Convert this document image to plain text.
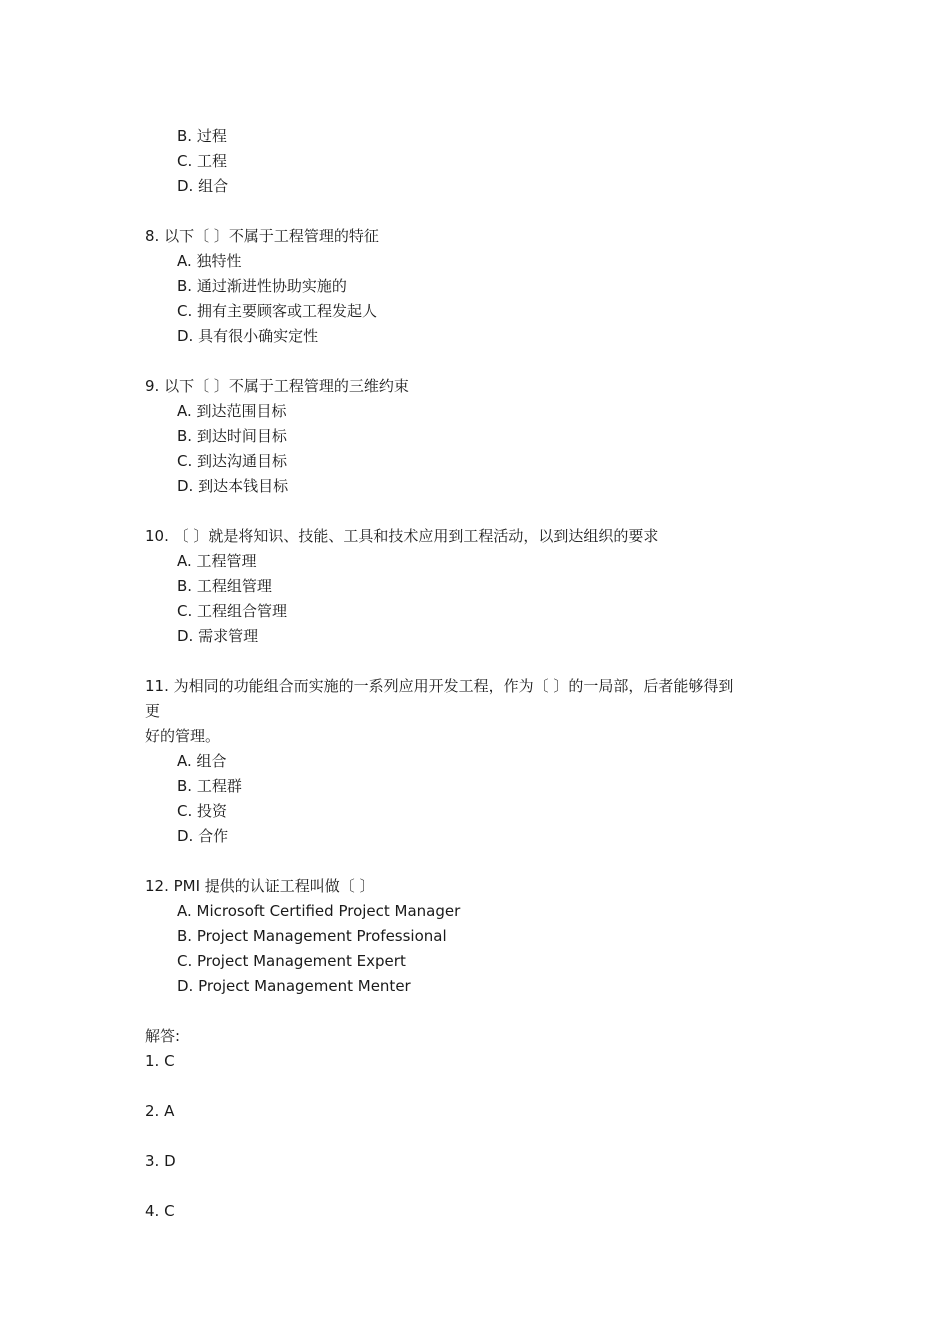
B. 过程
C. 工程
D. 组合
8. 以下〔 〕不属于工程管理的特征
A. 独特性
B. 通过渐进性协助实施的
C. 拥有主要顾客或工程发起人
D. 具有很小确实定性
9. 以下〔 〕不属于工程管理的三维约束
A. 到达范围目标
B. 到达时间目标
C. 到达沟通目标
D. 到达本钱目标
10. 〔 〕就是将知识、技能、工具和技术应用到工程活动，以到达组织的要求
A. 工程管理
B. 工程组管理
C. 工程组合管理
D. 需求管理
11. 为相同的功能组合而实施的一系列应用开发工程，作为〔 〕的一局部，后者能够得到
更
好的管理。
A. 组合
B. 工程群
C. 投资
D. 合作
12. PMI 提供的认证工程叫做〔 〕
A. Microsoft Certified Project Manager
B. Project Management Professional
C. Project Management Expert
D. Project Management Menter
解答:
1. C
2. A
3. D
4. C
